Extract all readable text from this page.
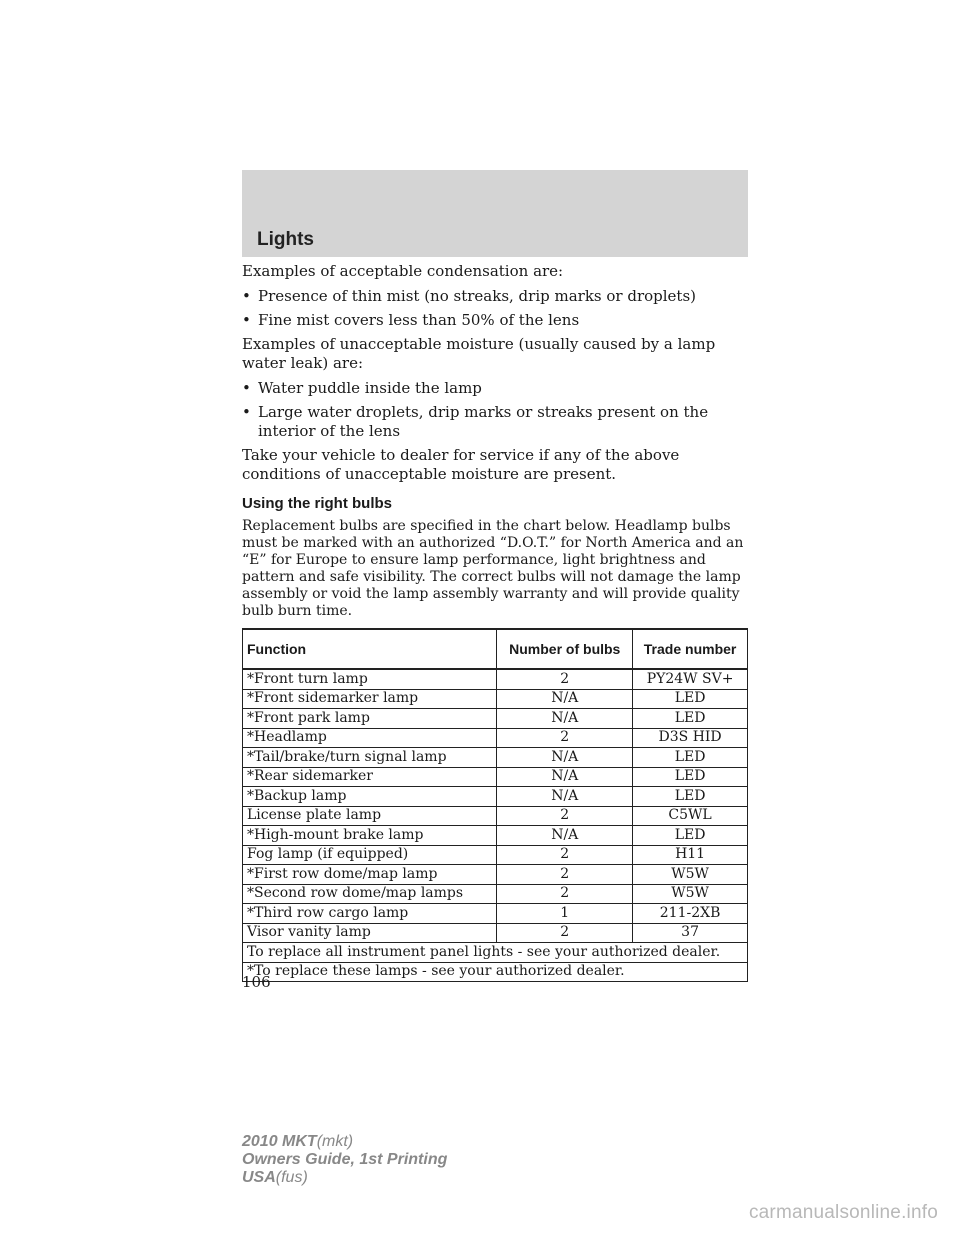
Lights

Examples of acceptable condensation are:

• Presence of thin mist (no streaks, drip marks or droplets)
• Fine mist covers less than 50% of the lens

Examples of unacceptable moisture (usually caused by a lamp water leak) are:

• Water puddle inside the lamp
• Large water droplets, drip marks or streaks present on the interior of the lens

Take your vehicle to dealer for service if any of the above conditions of unacceptable moisture are present.

Using the right bulbs

Replacement bulbs are specified in the chart below. Headlamp bulbs must be marked with an authorized “D.O.T.” for North America and an “E” for Europe to ensure lamp performance, light brightness and pattern and safe visibility. The correct bulbs will not damage the lamp assembly or void the lamp assembly warranty and will provide quality bulb burn time.

Function	Number of bulbs	Trade number
*Front turn lamp	2	PY24W SV+
*Front sidemarker lamp	N/A	LED
*Front park lamp	N/A	LED
*Headlamp	2	D3S HID
*Tail/brake/turn signal lamp	N/A	LED
*Rear sidemarker	N/A	LED
*Backup lamp	N/A	LED
License plate lamp	2	C5WL
*High-mount brake lamp	N/A	LED
Fog lamp (if equipped)	2	H11
*First row dome/map lamp	2	W5W
*Second row dome/map lamps	2	W5W
*Third row cargo lamp	1	211-2XB
Visor vanity lamp	2	37
To replace all instrument panel lights - see your authorized dealer.		
*To replace these lamps - see your authorized dealer.		
106
2010 MKT(mkt)
Owners Guide, 1st Printing
USA(fus)
carmanualsonline.info
